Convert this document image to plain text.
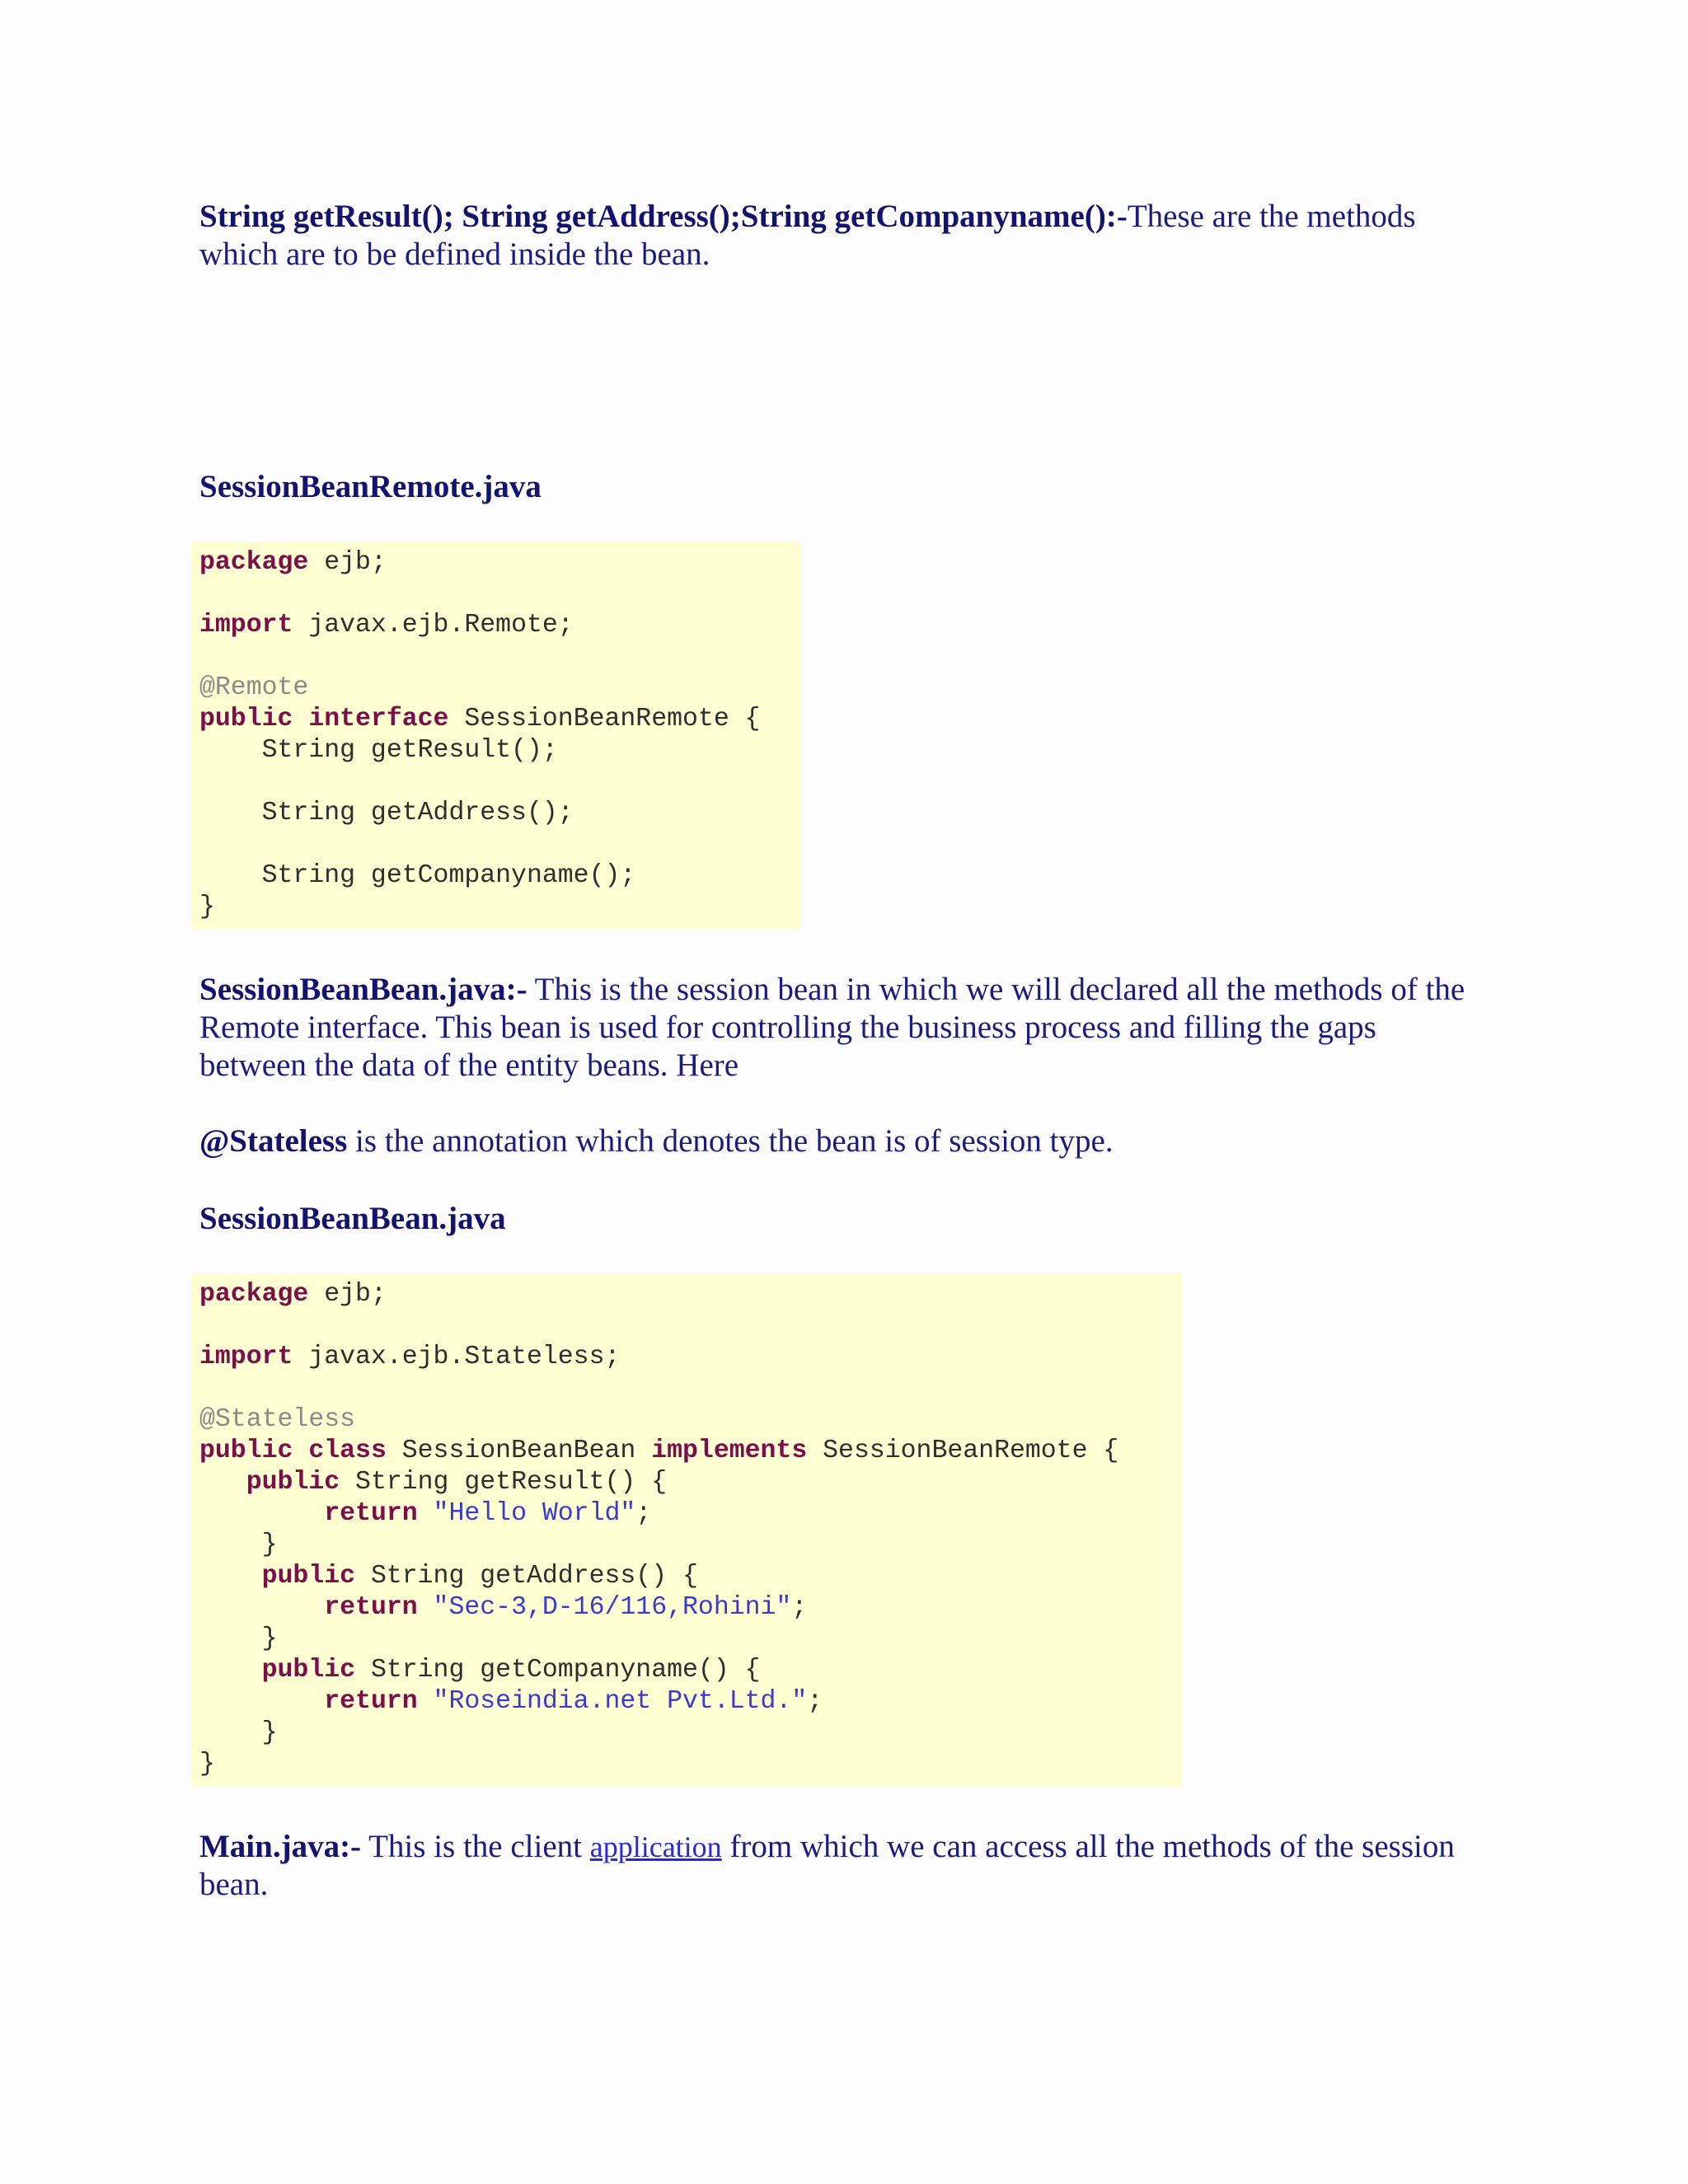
String getResult(); String getAddress();String getCompanyname():-These are the methods which are to be defined inside the bean.

SessionBeanRemote.java
package ejb;
import javax.ejb.Remote;
@Remote
public interface SessionBeanRemote {
String getResult();
String getAddress();
String getCompanyname();
}

SessionBeanBean.java:- This is the session bean in which we will declared all the methods of the Remote interface. This bean is used for controlling the business process and filling the gaps between the data of the entity beans. Here

@Stateless is the annotation which denotes the bean is of session type.

SessionBeanBean.java
package ejb;
import javax.ejb.Stateless;
@Stateless
public class SessionBeanBean implements SessionBeanRemote {
public String getResult() {
return "Hello World";
}
public String getAddress() {
return "Sec-3,D-16/116,Rohini";
}
public String getCompanyname() {
return "Roseindia.net Pvt.Ltd.";
}
}

Main.java:- This is the client application from which we can access all the methods of the session bean.
